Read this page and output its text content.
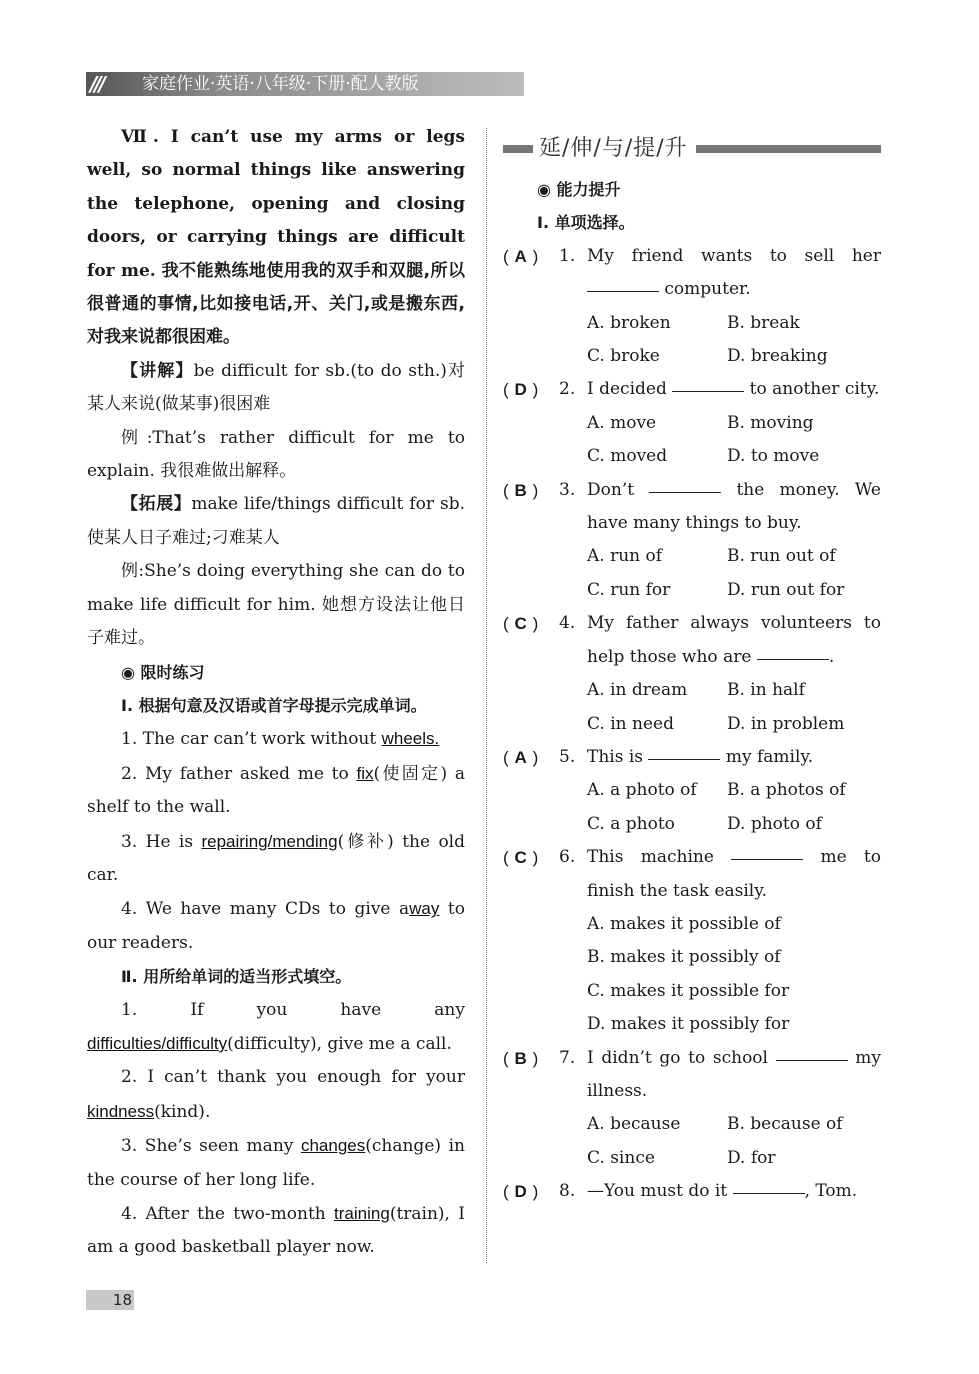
/// 家庭作业·英语·八年级·下册·配人教版

Ⅶ. I can’t use my arms or legs well, so normal things like answering the telephone, opening and closing doors, or carrying things are difficult for me. 我不能熟练地使用我的双手和双腿,所以很普通的事情,比如接电话,开、关门,或是搬东西,对我来说都很困难。

【讲解】be difficult for sb.(to do sth.)对某人来说(做某事)很困难

例:That’s rather difficult for me to explain. 我很难做出解释。

【拓展】make life/things difficult for sb. 使某人日子难过;刁难某人

例:She’s doing everything she can do to make life difficult for him. 她想方设法让他日子难过。

◉ 限时练习

Ⅰ. 根据句意及汉语或首字母提示完成单词。

1. The car can’t work without wheels.

2. My father asked me to fix(使固定) a shelf to the wall.

3. He is repairing/mending(修补) the old car.

4. We have many CDs to give away to our readers.

Ⅱ. 用所给单词的适当形式填空。

1. If you have any difficulties/difficulty(difficulty), give me a call.

2. I can’t thank you enough for your kindness(kind).

3. She’s seen many changes(change) in the course of her long life.

4. After the two-month training(train), I am a good basketball player now.

延/伸/与/提/升

◉ 能力提升

Ⅰ. 单项选择。

( A )	1. My friend wants to sell her  computer.
A. broken	B. break
C. broke	D. breaking
( D )	2. I decided	to another city.
A. move	B. moving
C. moved	D. to move
( B )	3. Don’t	the money. We have many things to buy.
A. run of	B. run out of
C. run for	D. run out for
( C )	4. My father always volunteers to help those who are	.
A. in dream	B. in half
C. in need	D. in problem
( A )	5. This is	my family.
A. a photo of	B. a photos of
C. a photo	D. photo of
( C )	6. This machine	me to finish the task easily.
A. makes it possible of
B. makes it possibly of
C. makes it possible for
D. makes it possibly for
( B )	7. I didn’t go to school	my illness.
A. because	B. because of
C. since	D. for
( D )	8. —You must do it	, Tom.
18
